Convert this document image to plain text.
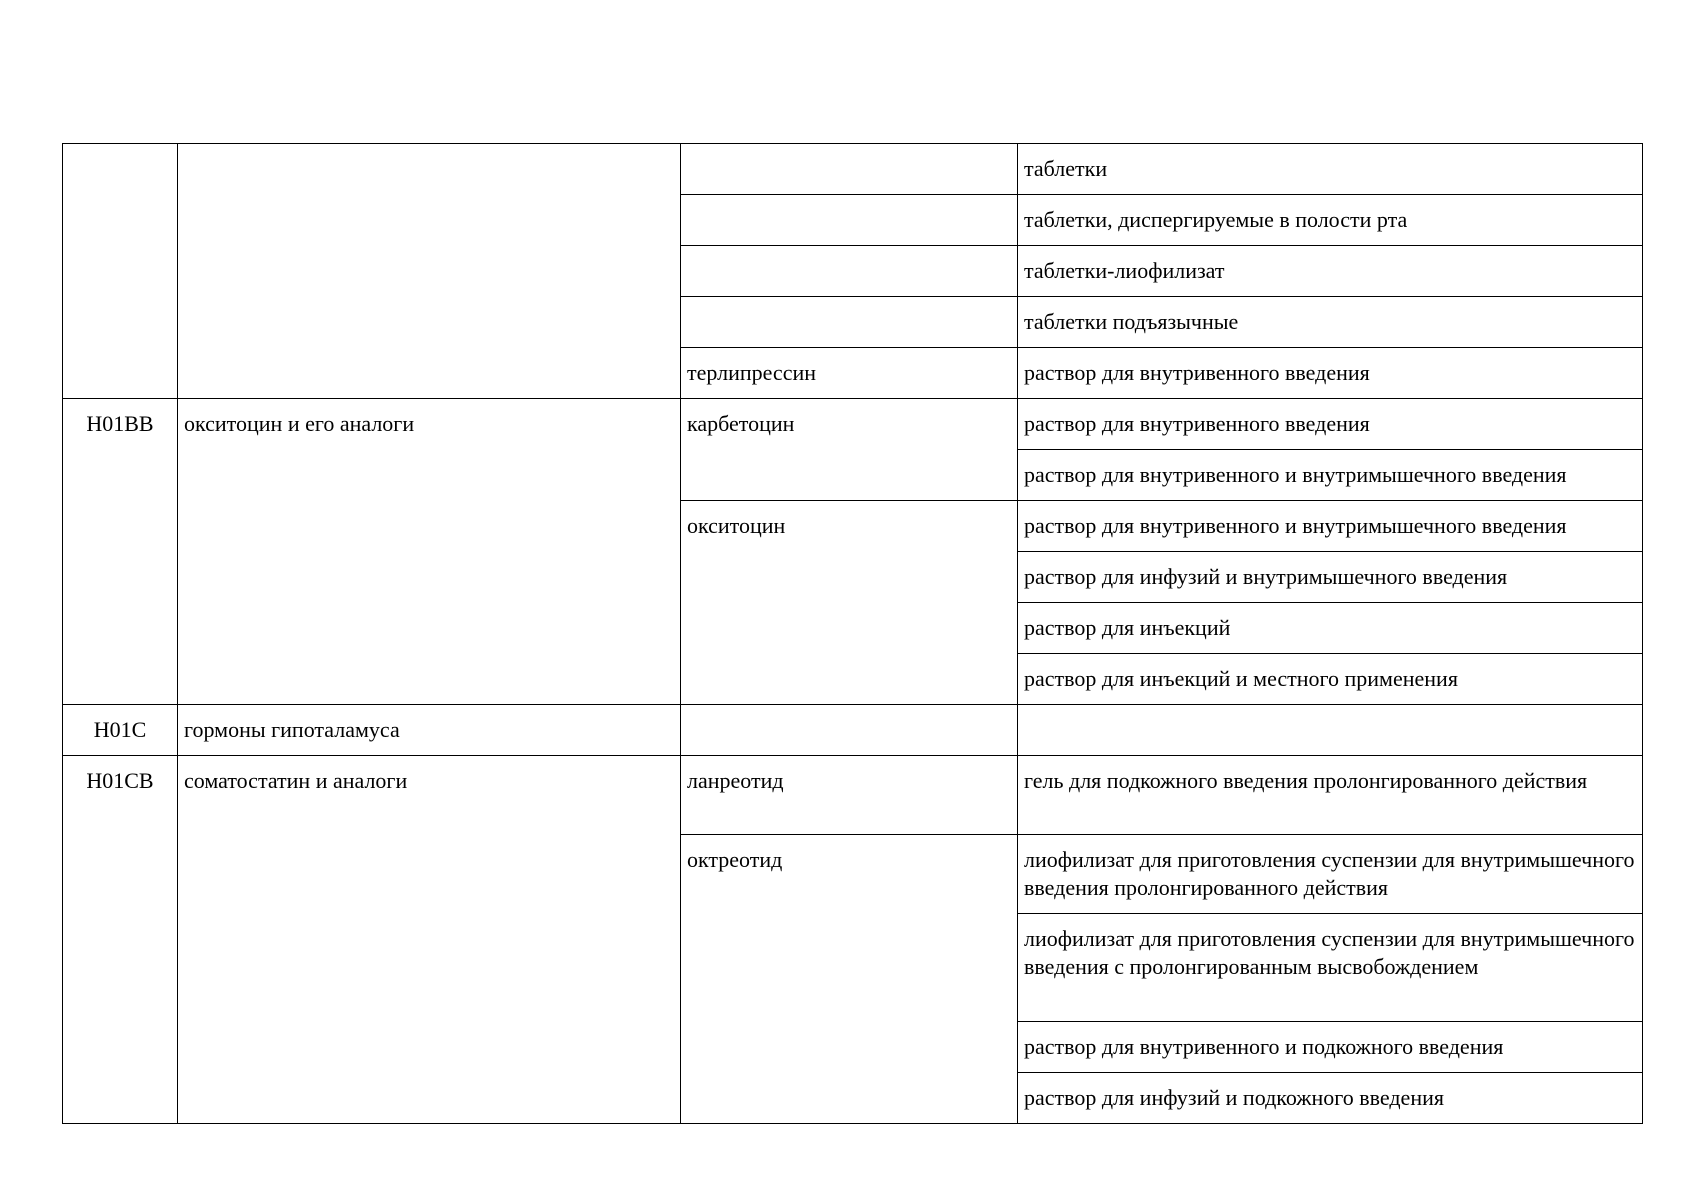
			таблетки
			таблетки, диспергируемые в полости рта
			таблетки-лиофилизат
			таблетки подъязычные
		терлипрессин	раствор для внутривенного введения
H01BB	окситоцин и его аналоги	карбетоцин	раствор для внутривенного введения
			раствор для внутривенного и внутримышечного введения
		окситоцин	раствор для внутривенного и внутримышечного введения
			раствор для инфузий и внутримышечного введения
			раствор для инъекций
			раствор для инъекций и местного применения
H01C	гормоны гипоталамуса		
H01CB	соматостатин и аналоги	ланреотид	гель для подкожного введения пролонгированного действия
		октреотид	лиофилизат для приготовления суспензии для внутримышечного введения пролонгированного действия
			лиофилизат для приготовления суспензии для внутримышечного введения с пролонгированным высвобождением
			раствор для внутривенного и подкожного введения
			раствор для инфузий и подкожного введения
